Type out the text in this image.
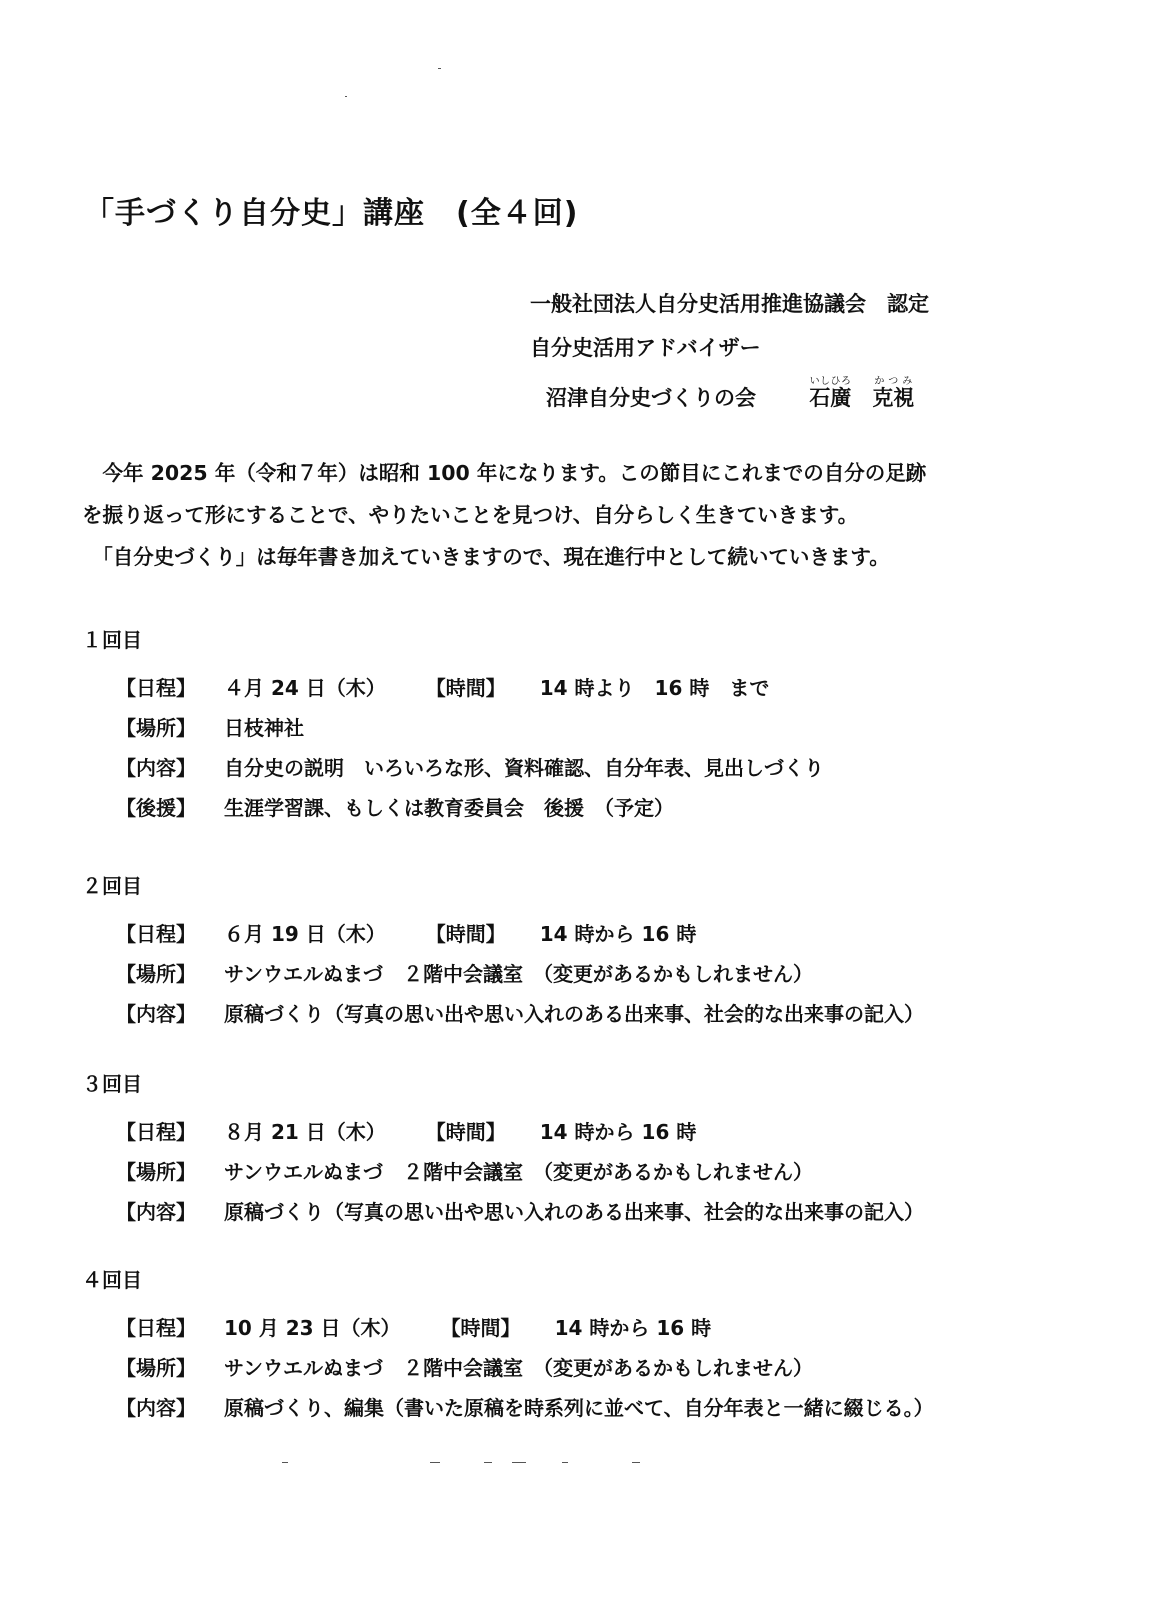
「手づくり自分史」講座　(全４回)
一般社団法人自分史活用推進協議会　認定
自分史活用アドバイザー
沼津自分史づくりの会	石廣いしひろ　克視かつみ

　今年 2025 年（令和７年）は昭和 100 年になります。この節目にこれまでの自分の足跡

を振り返って形にすることで、やりたいことを見つけ、自分らしく生きていきます。

　「自分史づくり」は毎年書き加えていきますので、現在進行中として続いていきます。

１回目
【日程】	４月 24 日（木） 【時間】 14 時より　16 時　まで
【場所】	日枝神社
【内容】	自分史の説明　いろいろな形、資料確認、自分年表、見出しづくり
【後援】	生涯学習課、もしくは教育委員会　後援　（予定）
２回目
【日程】	６月 19 日（木） 【時間】 14 時から 16 時
【場所】	サンウエルぬまづ　２階中会議室　（変更があるかもしれません）
【内容】	原稿づくり（写真の思い出や思い入れのある出来事、社会的な出来事の記入）
３回目
【日程】	８月 21 日（木） 【時間】 14 時から 16 時
【場所】	サンウエルぬまづ　２階中会議室　（変更があるかもしれません）
【内容】	原稿づくり（写真の思い出や思い入れのある出来事、社会的な出来事の記入）
４回目
【日程】	10 月 23 日（木） 【時間】 14 時から 16 時
【場所】	サンウエルぬまづ　２階中会議室　（変更があるかもしれません）
【内容】	原稿づくり、編集（書いた原稿を時系列に並べて、自分年表と一緒に綴じる。）
